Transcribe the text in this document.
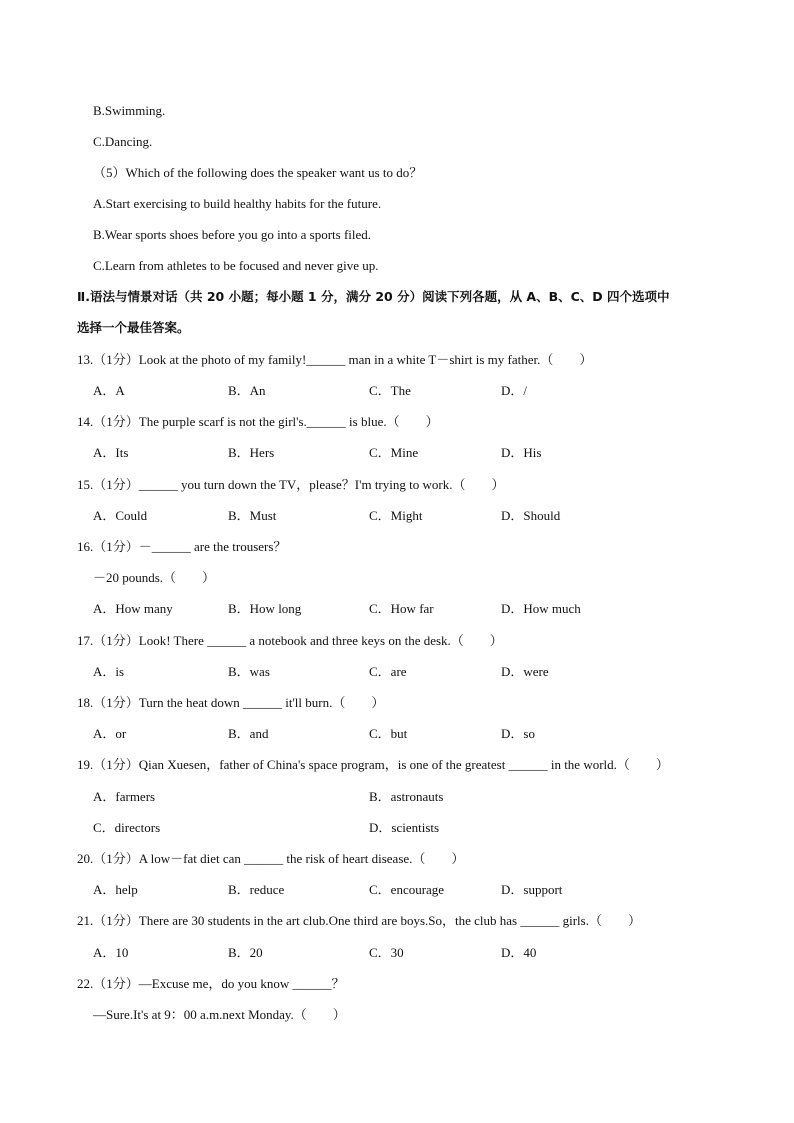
B.Swimming.
C.Dancing.
（5）Which of the following does the speaker want us to do？
A.Start exercising to build healthy habits for the future.
B.Wear sports shoes before you go into a sports filed.
C.Learn from athletes to be focused and never give up.
Ⅱ.语法与情景对话（共 20 小题；每小题 1 分，满分 20 分）阅读下列各题，从 A、B、C、D 四个选项中
选择一个最佳答案。
13.（1分）Look at the photo of my family!______ man in a white T－shirt is my father.（　　）
A．A	B．An	C．The	D．/
14.（1分）The purple scarf is not the girl's.______ is blue.（　　）
A．Its	B．Hers	C．Mine	D．His
15.（1分）______ you turn down the TV，please？I'm trying to work.（　　）
A．Could	B．Must	C．Might	D．Should
16.（1分）－______ are the trousers？
－20 pounds.（　　）
A．How many	B．How long	C．How far	D．How much
17.（1分）Look! There ______ a notebook and three keys on the desk.（　　）
A．is	B．was	C．are	D．were
18.（1分）Turn the heat down ______ it'll burn.（　　）
A．or	B．and	C．but	D．so
19.（1分）Qian Xuesen，father of China's space program，is one of the greatest ______ in the world.（　　）
A．farmers	B．astronauts
C．directors	D．scientists
20.（1分）A low－fat diet can ______ the risk of heart disease.（　　）
A．help	B．reduce	C．encourage	D．support
21.（1分）There are 30 students in the art club.One third are boys.So，the club has ______ girls.（　　）
A．10	B．20	C．30	D．40
22.（1分）—Excuse me，do you know ______？
—Sure.It's at 9：00 a.m.next Monday.（　　）
